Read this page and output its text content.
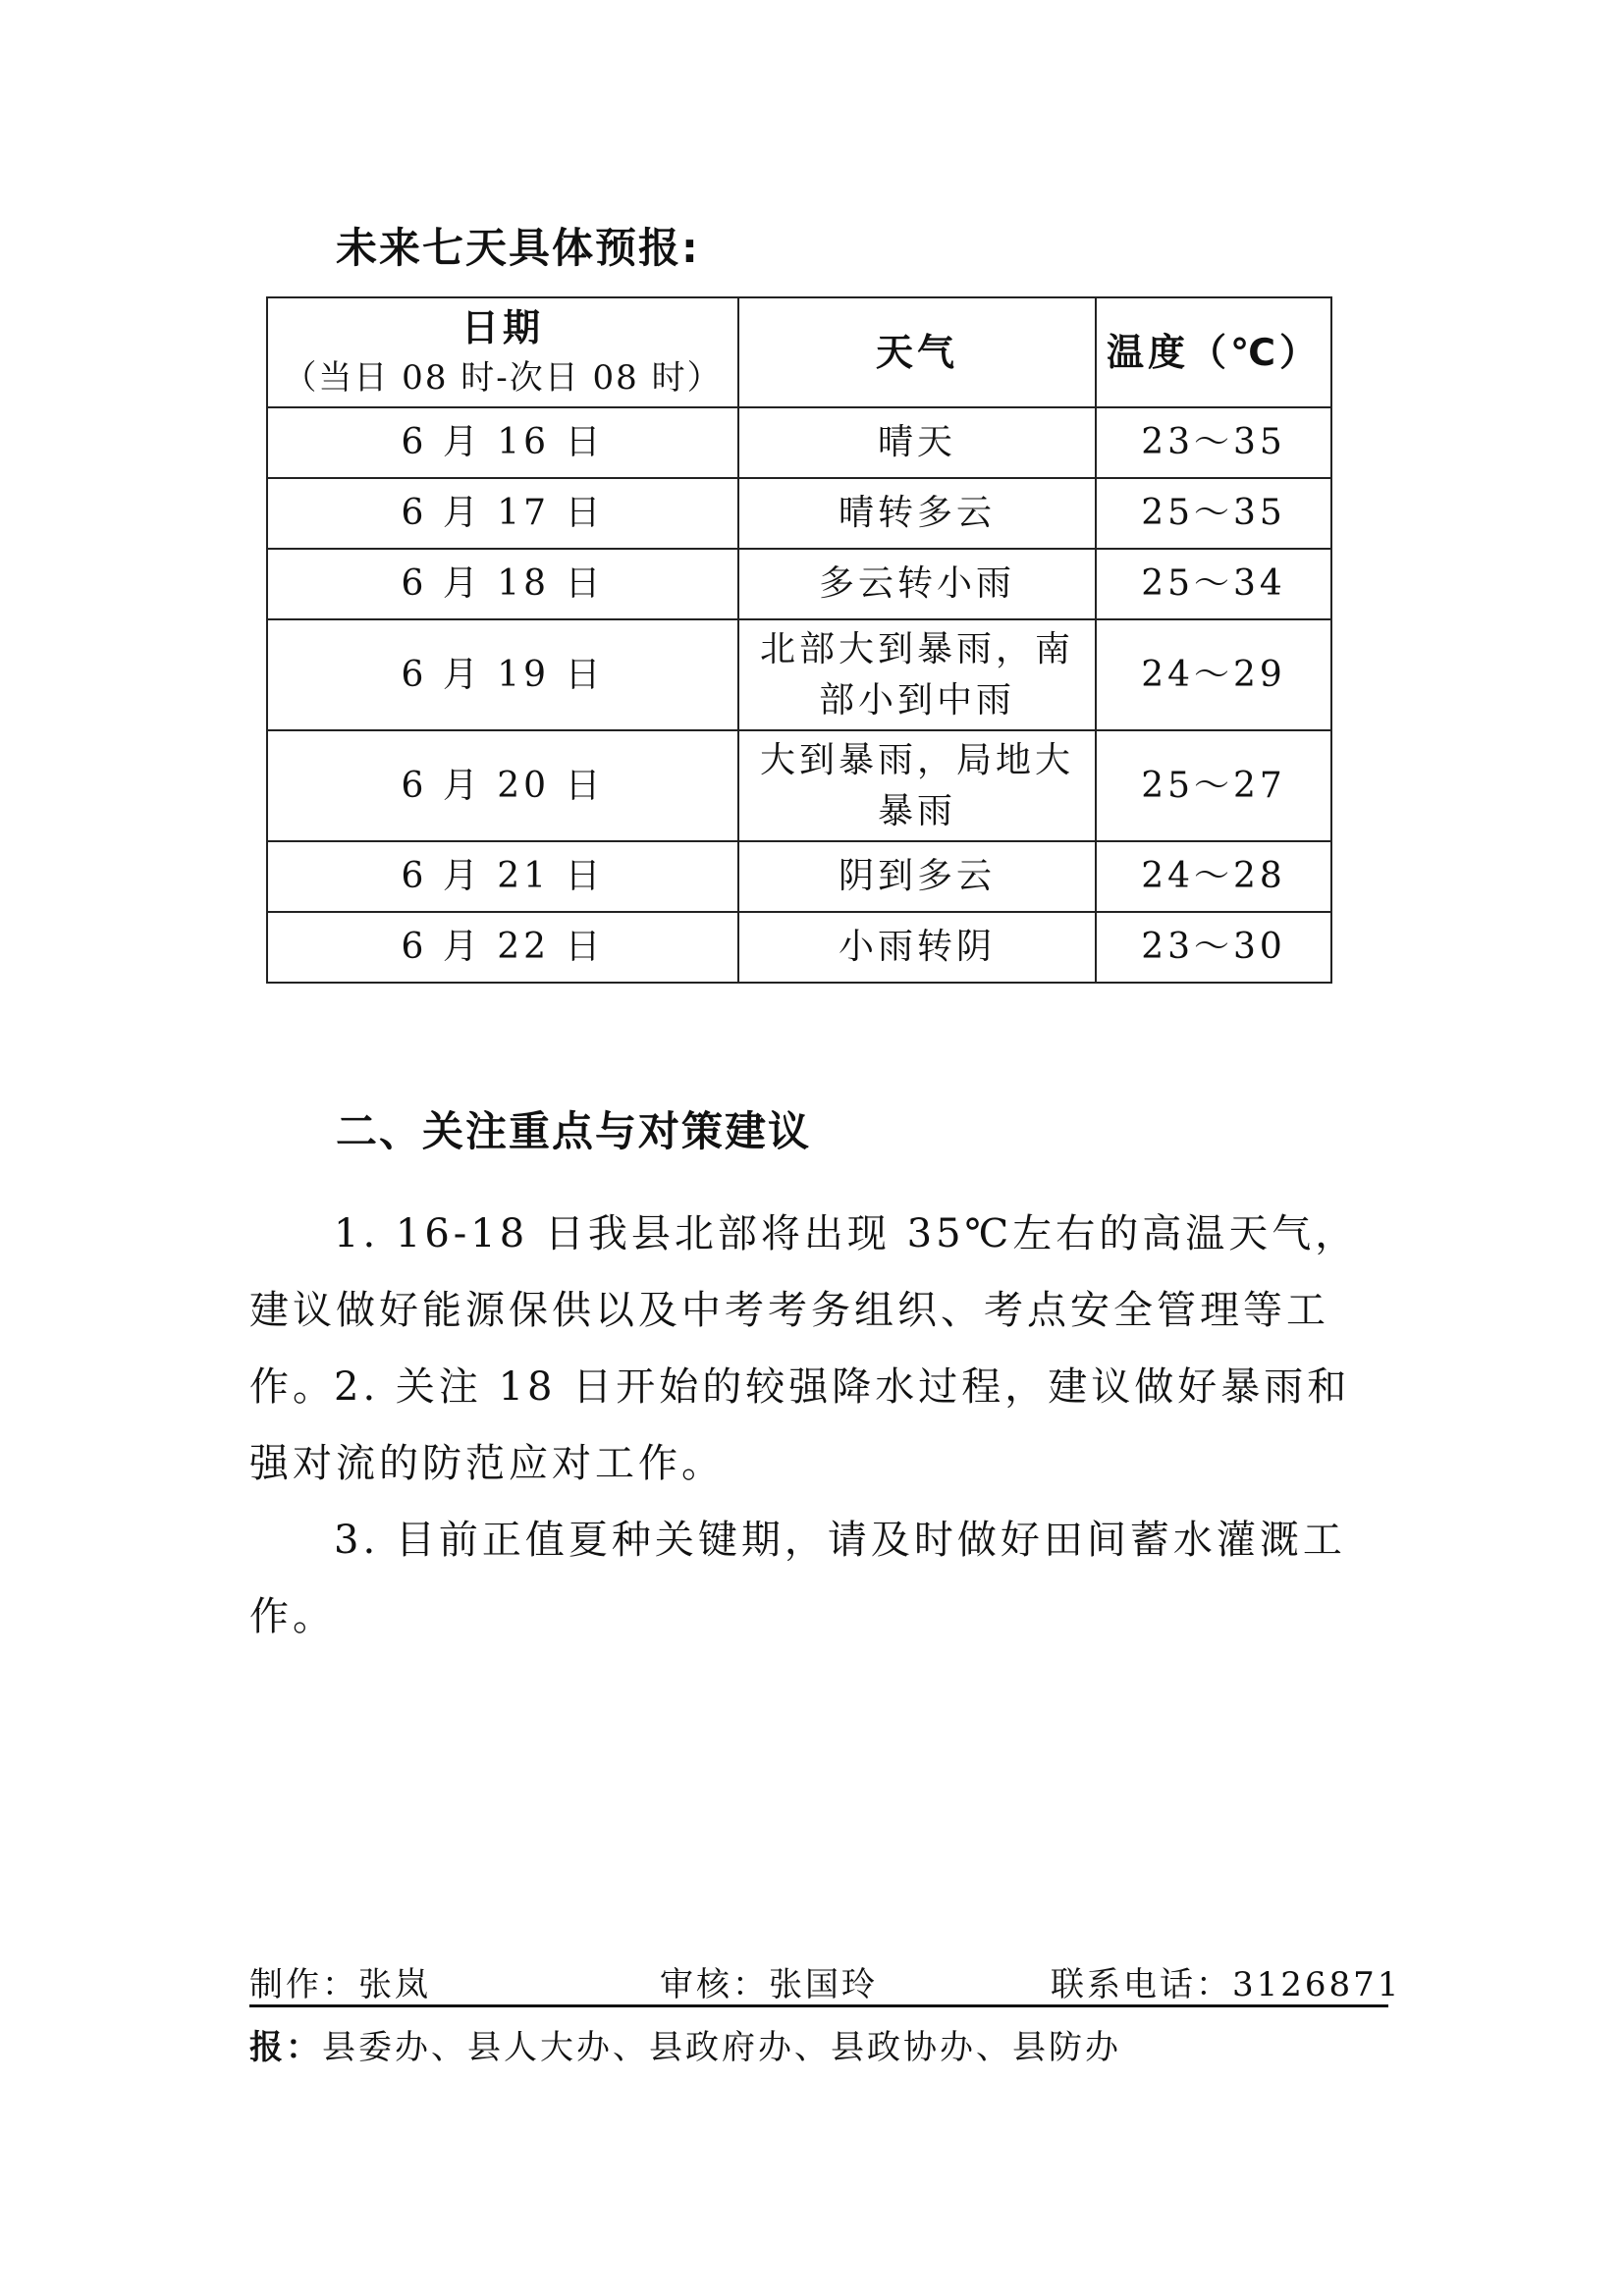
未来七天具体预报:
日期
（当日 08 时-次日 08 时）	天气	温度（℃）
6 月 16 日	晴天	23～35
6 月 17 日	晴转多云	25～35
6 月 18 日	多云转小雨	25～34
6 月 19 日	北部大到暴雨，南部小到中雨	24～29
6 月 20 日	大到暴雨，局地大暴雨	25～27
6 月 21 日	阴到多云	24～28
6 月 22 日	小雨转阴	23～30
二、关注重点与对策建议

1. 16-18 日我县北部将出现 35℃左右的高温天气，建议做好能源保供以及中考考务组织、考点安全管理等工作。

2. 关注 18 日开始的较强降水过程，建议做好暴雨和强对流的防范应对工作。

3. 目前正值夏种关键期，请及时做好田间蓄水灌溉工作。

制作：张岚	审核：张国玲	联系电话：3126871
报：县委办、县人大办、县政府办、县政协办、县防办
